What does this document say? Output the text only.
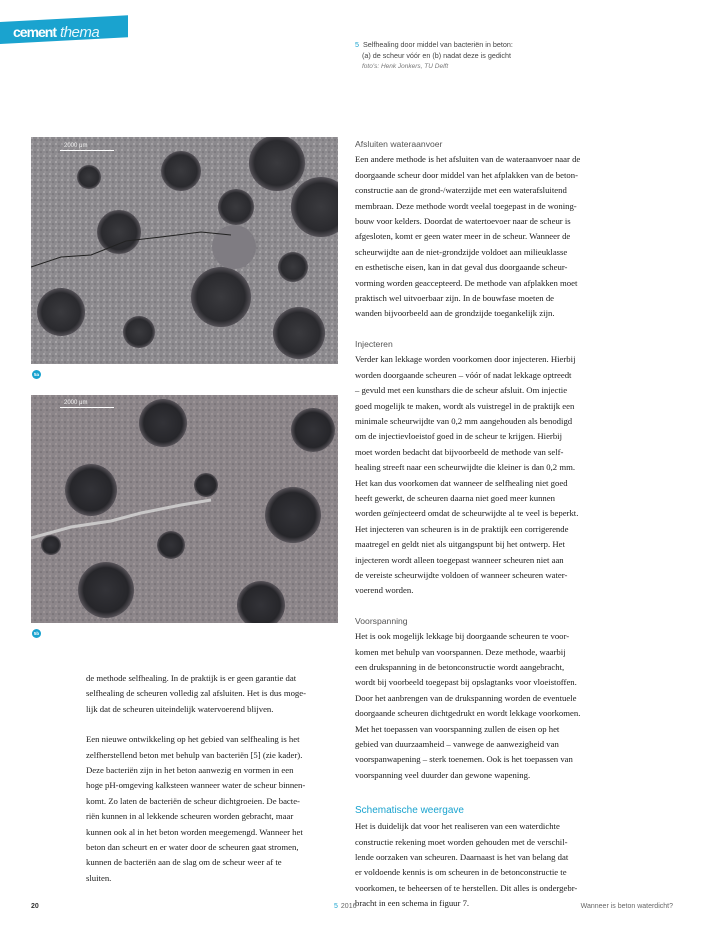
cement thema
5 Selfhealing door middel van bacteriën in beton:
(a) de scheur vóór en (b) nadat deze is gedicht
foto's: Henk Jonkers, TU Delft
2000 μm
5a
2000 μm
5b

de methode selfhealing. In de praktijk is er geen garantie dat
selfhealing de scheuren volledig zal afsluiten. Het is dus moge-
lijk dat de scheuren uiteindelijk watervoerend blijven.

Een nieuwe ontwikkeling op het gebied van selfhealing is het
zelfherstellend beton met behulp van bacteriën [5] (zie kader).
Deze bacteriën zijn in het beton aanwezig en vormen in een
hoge pH-omgeving kalksteen wanneer water de scheur binnen-
komt. Zo laten de bacteriën de scheur dichtgroeien. De bacte-
riën kunnen in al lekkende scheuren worden gebracht, maar
kunnen ook al in het beton worden meegemengd. Wanneer het
beton dan scheurt en er water door de scheuren gaat stromen,
kunnen de bacteriën aan de slag om de scheur weer af te
sluiten.

Afsluiten wateraanvoer

Een andere methode is het afsluiten van de wateraanvoer naar de
doorgaande scheur door middel van het afplakken van de beton-
constructie aan de grond-/waterzijde met een waterafsluitend
membraan. Deze methode wordt veelal toegepast in de woning-
bouw voor kelders. Doordat de watertoevoer naar de scheur is
afgesloten, komt er geen water meer in de scheur. Wanneer de
scheurwijdte aan de niet-grondzijde voldoet aan milieuklasse
en esthetische eisen, kan in dat geval dus doorgaande scheur-
vorming worden geaccepteerd. De methode van afplakken moet
praktisch wel uitvoerbaar zijn. In de bouwfase moeten de
wanden bijvoorbeeld aan de grondzijde toegankelijk zijn.

Injecteren

Verder kan lekkage worden voorkomen door injecteren. Hierbij
worden doorgaande scheuren – vóór of nadat lekkage optreedt
– gevuld met een kunsthars die de scheur afsluit. Om injectie
goed mogelijk te maken, wordt als vuistregel in de praktijk een
minimale scheurwijdte van 0,2 mm aangehouden als benodigd
om de injectievloeistof goed in de scheur te krijgen. Hierbij
moet worden bedacht dat bijvoorbeeld de methode van self-
healing streeft naar een scheurwijdte die kleiner is dan 0,2 mm.
Het kan dus voorkomen dat wanneer de selfhealing niet goed
heeft gewerkt, de scheuren daarna niet goed meer kunnen
worden geïnjecteerd omdat de scheurwijdte al te veel is beperkt.
Het injecteren van scheuren is in de praktijk een corrigerende
maatregel en geldt niet als uitgangspunt bij het ontwerp. Het
injecteren wordt alleen toegepast wanneer scheuren niet aan
de vereiste scheurwijdte voldoen of wanneer scheuren water-
voerend worden.

Voorspanning

Het is ook mogelijk lekkage bij doorgaande scheuren te voor-
komen met behulp van voorspannen. Deze methode, waarbij
een drukspanning in de betonconstructie wordt aangebracht,
wordt bij voorbeeld toegepast bij opslagtanks voor vloeistoffen.
Door het aanbrengen van de drukspanning worden de eventuele
doorgaande scheuren dichtgedrukt en wordt lekkage voorkomen.
Met het toepassen van voorspanning zullen de eisen op het
gebied van duurzaamheid – vanwege de aanwezigheid van
voorspanwapening – sterk toenemen. Ook is het toepassen van
voorspanning veel duurder dan gewone wapening.

Schematische weergave

Het is duidelijk dat voor het realiseren van een waterdichte
constructie rekening moet worden gehouden met de verschil-
lende oorzaken van scheuren. Daarnaast is het van belang dat
er voldoende kennis is om scheuren in de betonconstructie te
voorkomen, te beheersen of te herstellen. Dit alles is ondergebr-
bracht in een schema in figuur 7.

20	5 2016	Wanneer is beton waterdicht?
